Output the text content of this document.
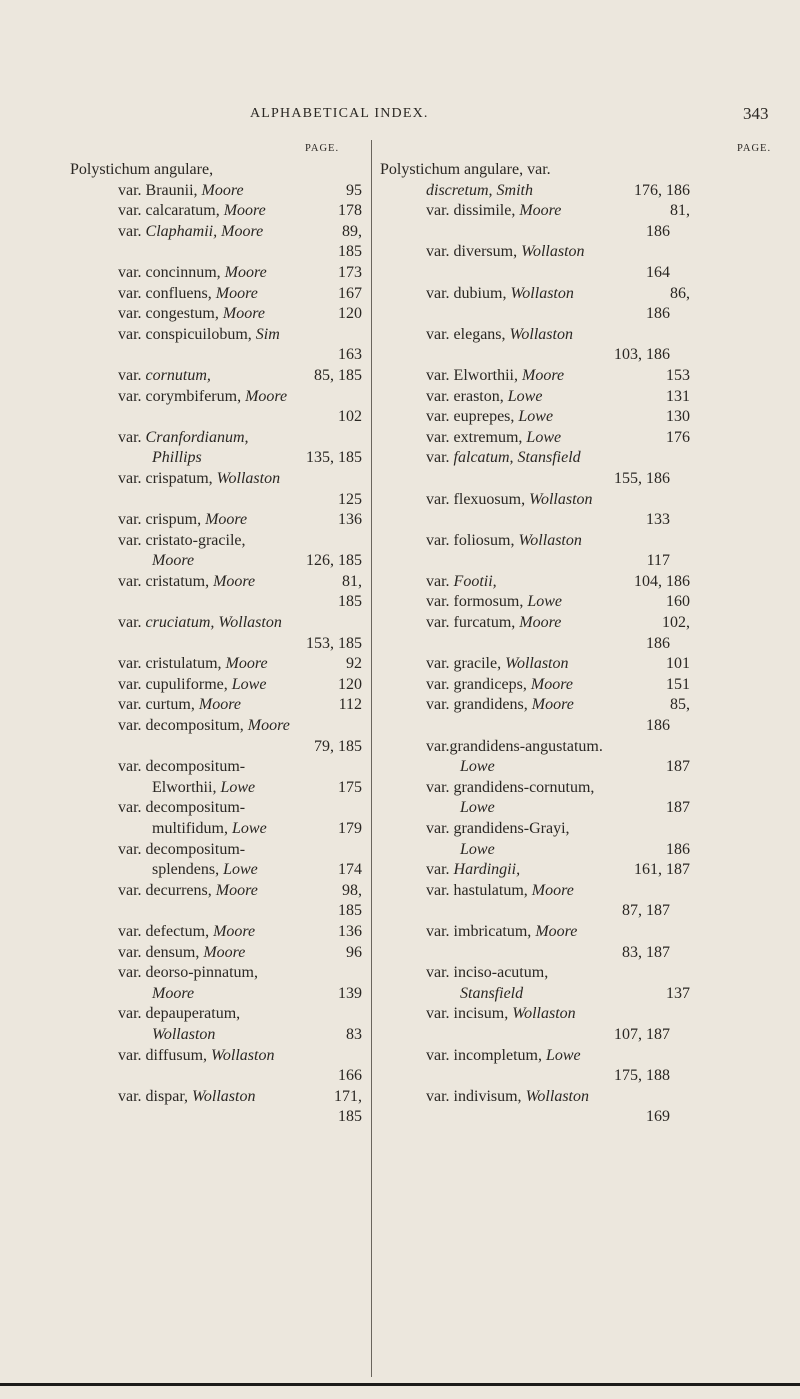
ALPHABETICAL INDEX.	343
PAGE.	PAGE.
Polystichum angulare,
var. Braunii, Moore	95
var. calcaratum, Moore	178
var. Claphamii, Moore	89,
185
var. concinnum, Moore	173
var. confluens, Moore	167
var. congestum, Moore	120
var. conspicuilobum, Sim
163
var. cornutum,	85, 185
var. corymbiferum, Moore
102
var. Cranfordianum,
Phillips	135, 185
var. crispatum, Wollaston
125
var. crispum, Moore	136
var. cristato-gracile,
Moore	126, 185
var. cristatum, Moore	81,
185
var. cruciatum, Wollaston
153, 185
var. cristulatum, Moore	92
var. cupuliforme, Lowe	120
var. curtum, Moore	112
var. decompositum, Moore
79, 185
var. decompositum-
Elworthii, Lowe	175
var. decompositum-
multifidum, Lowe	179
var. decompositum-
splendens, Lowe	174
var. decurrens, Moore	98,
185
var. defectum, Moore	136
var. densum, Moore	96
var. deorso-pinnatum,
Moore	139
var. depauperatum,
Wollaston	83
var. diffusum, Wollaston
166
var. dispar, Wollaston	171,
185
Polystichum angulare, var.
discretum, Smith	176, 186
var. dissimile, Moore	81,
186
var. diversum, Wollaston
164
var. dubium, Wollaston	86,
186
var. elegans, Wollaston
103, 186
var. Elworthii, Moore	153
var. eraston, Lowe	131
var. euprepes, Lowe	130
var. extremum, Lowe	176
var. falcatum, Stansfield
155, 186
var. flexuosum, Wollaston
133
var. foliosum, Wollaston
117
var. Footii,	104, 186
var. formosum, Lowe	160
var. furcatum, Moore	102,
186
var. gracile, Wollaston	101
var. grandiceps, Moore	151
var. grandidens, Moore	85,
186
var.grandidens-angustatum.
Lowe	187
var. grandidens-cornutum,
Lowe	187
var. grandidens-Grayi,
Lowe	186
var. Hardingii,	161, 187
var. hastulatum, Moore
87, 187
var. imbricatum, Moore
83, 187
var. inciso-acutum,
Stansfield	137
var. incisum, Wollaston
107, 187
var. incompletum, Lowe
175, 188
var. indivisum, Wollaston
169
